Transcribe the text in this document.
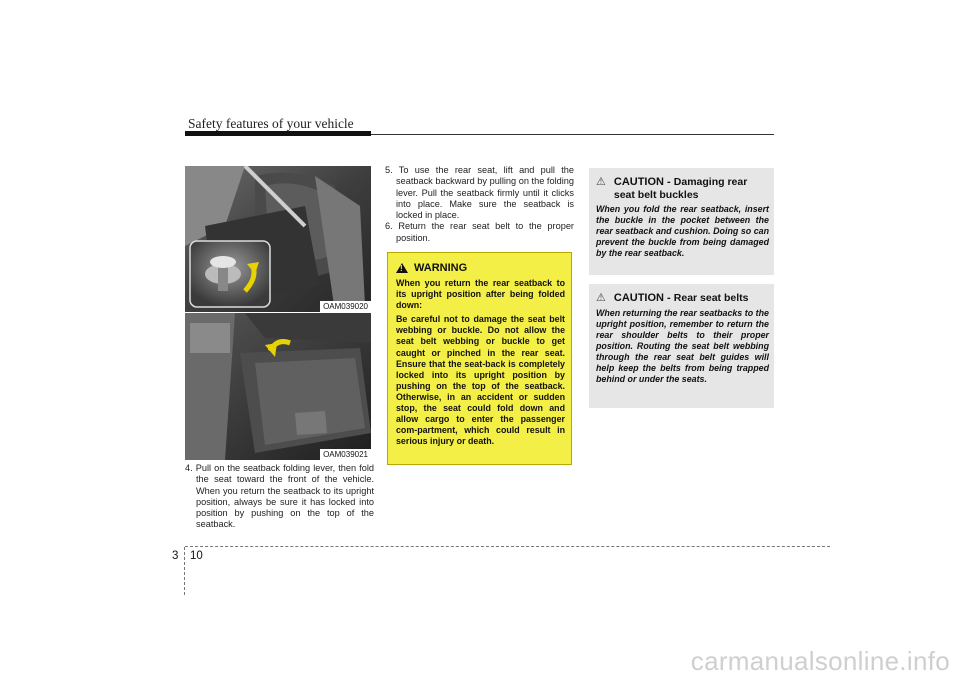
Safety features of your vehicle
OAM039020
OAM039021

4. Pull on the seatback folding lever, then fold the seat toward the front of the vehicle. When you return the seatback to its upright position, always be sure it has locked into position by pushing on the top of the seatback.

5. To use the rear seat, lift and pull the seatback backward by pulling on the folding lever. Pull the seatback firmly until it clicks into place. Make sure the seatback is locked in place.

6. Return the rear seat belt to the proper position.

! WARNING

When you return the rear seatback to its upright position after being folded down:

Be careful not to damage the seat belt webbing or buckle. Do not allow the seat belt webbing or buckle to get caught or pinched in the rear seat. Ensure that the seat-back is completely locked into its upright position by pushing on the top of the seatback. Otherwise, in an accident or sudden stop, the seat could fold down and allow cargo to enter the passenger com-partment, which could result in serious injury or death.

⚠ CAUTION - Damaging rear seat belt buckles

When you fold the rear seatback, insert the buckle in the pocket between the rear seatback and cushion. Doing so can prevent the buckle from being damaged by the rear seatback.

⚠ CAUTION - Rear seat belts

When returning the rear seatbacks to the upright position, remember to return the rear shoulder belts to their proper position. Routing the seat belt webbing through the rear seat belt guides will help keep the belts from being trapped behind or under the seats.

3 10
carmanualsonline.info
